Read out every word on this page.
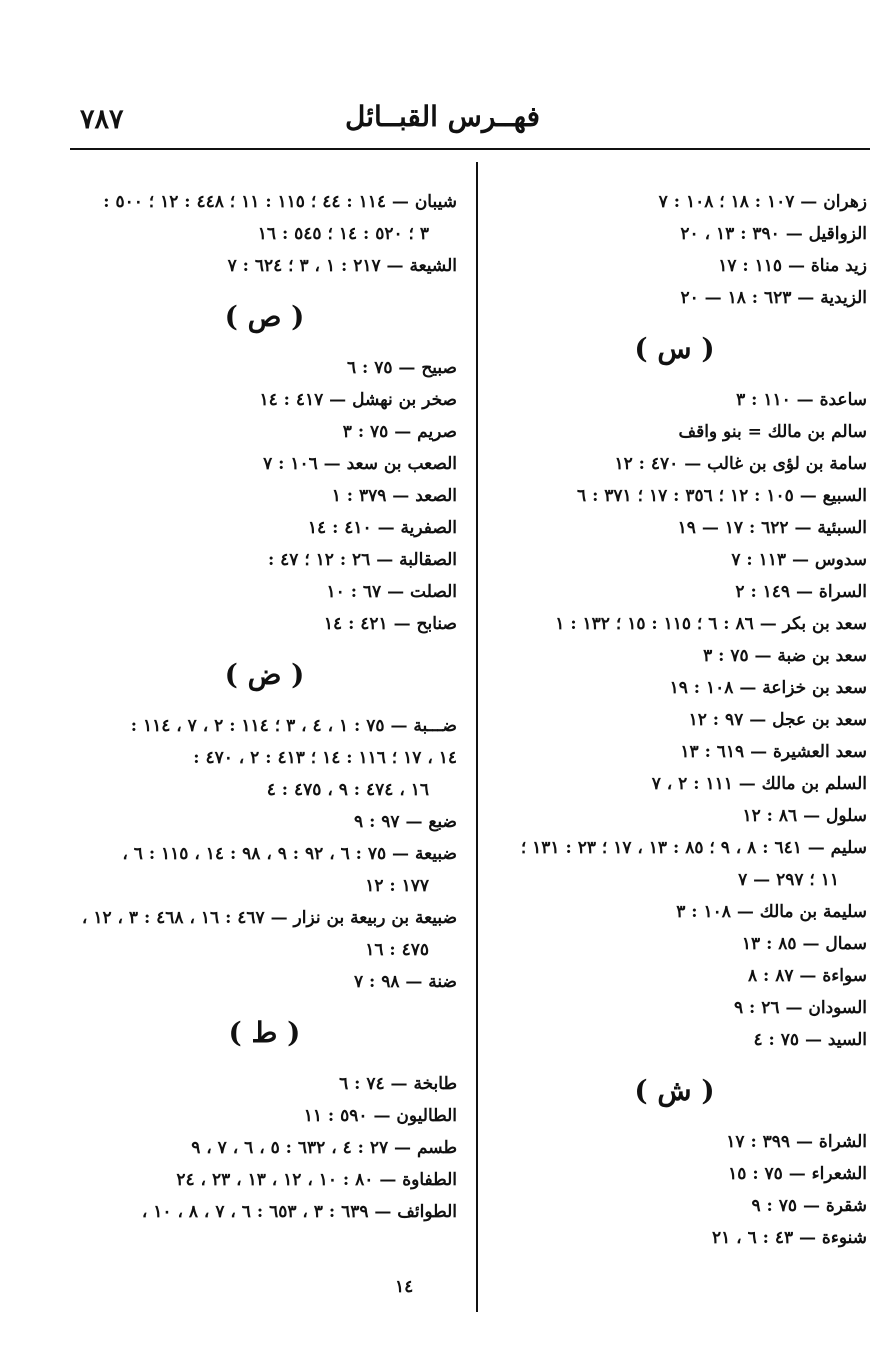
٧٨٧	فهــرس القبــائل
زهران — ١٠٧ : ١٨ ؛ ١٠٨ : ٧
الزواقيل — ٣٩٠ : ١٣ ، ٢٠
زيد مناة — ١١٥ : ١٧
الزيدية — ٦٢٣ : ١٨ — ٢٠
( س )
ساعدة — ١١٠ : ٣
سالم بن مالك = بنو واقف
سامة بن لؤى بن غالب — ٤٧٠ : ١٢
السبيع — ١٠٥ : ١٢ ؛ ٣٥٦ : ١٧ ؛ ٣٧١ : ٦
السبئية — ٦٢٢ : ١٧ — ١٩
سدوس — ١١٣ : ٧
السراة — ١٤٩ : ٢
سعد بن بكر — ٨٦ : ٦ ؛ ١١٥ : ١٥ ؛ ١٣٢ : ١
سعد بن ضبة — ٧٥ : ٣
سعد بن خزاعة — ١٠٨ : ١٩
سعد بن عجل — ٩٧ : ١٢
سعد العشيرة — ٦١٩ : ١٣
السلم بن مالك — ١١١ : ٢ ، ٧
سلول — ٨٦ : ١٢
سليم — ٦٤١ : ٨ ، ٩ ؛ ٨٥ : ١٣ ، ١٧ ؛ ٢٣ : ١٣١ ؛
١١ ؛ ٢٩٧ — ٧
سليمة بن مالك — ١٠٨ : ٣
سمال — ٨٥ : ١٣
سواءة — ٨٧ : ٨
السودان — ٢٦ : ٩
السيد — ٧٥ : ٤
( ش )
الشراة — ٣٩٩ : ١٧
الشعراء — ٧٥ : ١٥
شقرة — ٧٥ : ٩
شنوءة — ٤٣ : ٦ ، ٢١
شيبان — ١١٤ : ٤٤ ؛ ١١٥ : ١١ ؛ ٤٤٨ : ١٢ ؛ ٥٠٠ :
٣ ؛ ٥٢٠ : ١٤ ؛ ٥٤٥ : ١٦
الشيعة — ٢١٧ : ١ ، ٣ ؛ ٦٢٤ : ٧
( ص )
صبيح — ٧٥ : ٦
صخر بن نهشل — ٤١٧ : ١٤
صريم — ٧٥ : ٣
الصعب بن سعد — ١٠٦ : ٧
الصعد — ٣٧٩ : ١
الصفرية — ٤١٠ : ١٤
الصقالبة — ٢٦ : ١٢ ؛ ٤٧ :
الصلت — ٦٧ : ١٠
صنابح — ٤٢١ : ١٤
( ض )
ضـــبة — ٧٥ : ١ ، ٤ ، ٣ ؛ ١١٤ : ٢ ، ٧ ، ١١٤ :
١٤ ، ١٧ ؛ ١١٦ : ١٤ ؛ ٤١٣ : ٢ ، ٤٧٠ :
١٦ ، ٤٧٤ : ٩ ، ٤٧٥ : ٤
ضبع — ٩٧ : ٩
ضبيعة — ٧٥ : ٦ ، ٩٢ : ٩ ، ٩٨ : ١٤ ، ١١٥ : ٦ ،
١٧٧ : ١٢
ضبيعة بن ربيعة بن نزار — ٤٦٧ : ١٦ ، ٤٦٨ : ٣ ، ١٢ ،
٤٧٥ : ١٦
ضنة — ٩٨ : ٧
( ط )
طابخة — ٧٤ : ٦
الطاليون — ٥٩٠ : ١١
طسم — ٢٧ : ٤ ، ٦٣٢ : ٥ ، ٦ ، ٧ ، ٩
الطفاوة — ٨٠ : ١٠ ، ١٢ ، ١٣ ، ٢٣ ، ٢٤
الطوائف — ٦٣٩ : ٣ ، ٦٥٣ : ٦ ، ٧ ، ٨ ، ١٠ ،
١٤
